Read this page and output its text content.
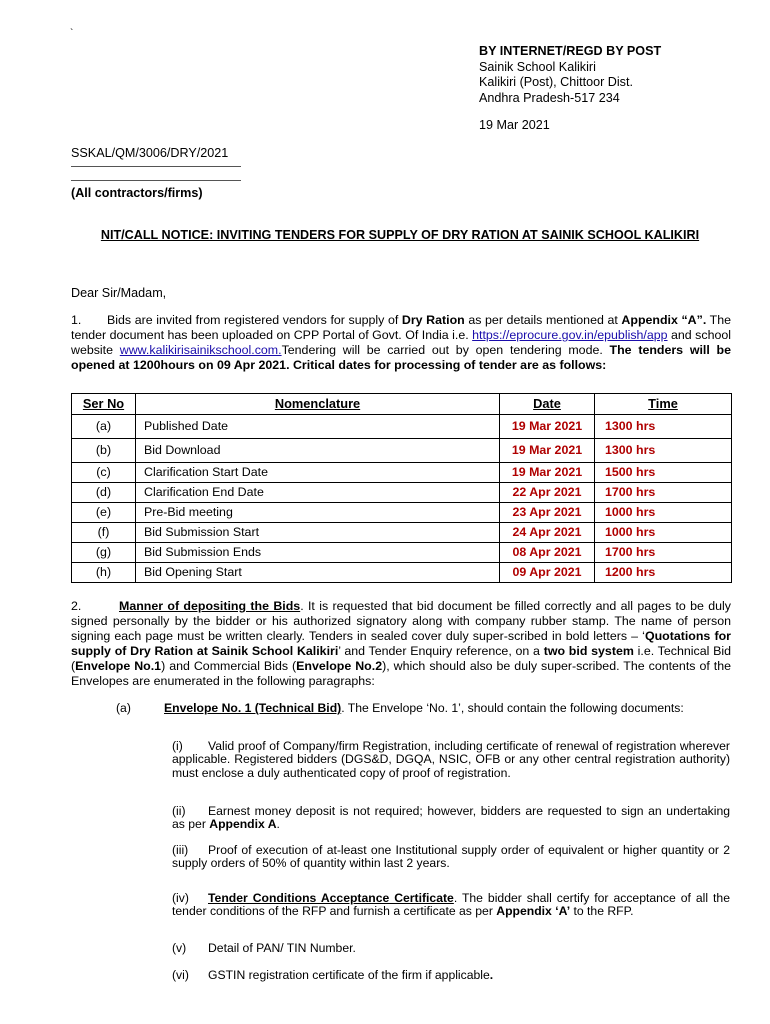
`
BY INTERNET/REGD BY POST
Sainik School Kalikiri
Kalikiri (Post), Chittoor Dist.
Andhra Pradesh-517 234
19 Mar 2021
SSKAL/QM/3006/DRY/2021
(All contractors/firms)
NIT/CALL NOTICE: INVITING TENDERS FOR SUPPLY OF DRY RATION AT SAINIK SCHOOL KALIKIRI
Dear Sir/Madam,
1. Bids are invited from registered vendors for supply of Dry Ration as per details mentioned at Appendix “A”. The tender document has been uploaded on CPP Portal of Govt. Of India i.e. https://eprocure.gov.in/epublish/app and school website www.kalikirisainikschool.com.Tendering will be carried out by open tendering mode. The tenders will be opened at 1200hours on 09 Apr 2021. Critical dates for processing of tender are as follows:
Ser No	Nomenclature	Date	Time
(a)	Published Date	19 Mar 2021	1300 hrs
(b)	Bid Download	19 Mar 2021	1300 hrs
(c)	Clarification Start Date	19 Mar 2021	1500 hrs
(d)	Clarification End Date	22 Apr 2021	1700 hrs
(e)	Pre-Bid meeting	23 Apr 2021	1000 hrs
(f)	Bid Submission Start	24 Apr 2021	1000 hrs
(g)	Bid Submission Ends	08 Apr 2021	1700 hrs
(h)	Bid Opening Start	09 Apr 2021	1200 hrs
2.	Manner of depositing the Bids. It is requested that bid document be filled correctly and all pages to be duly signed personally by the bidder or his authorized signatory along with company rubber stamp. The name of person signing each page must be written clearly. Tenders in sealed cover duly super-scribed in bold letters – ‘Quotations for supply of Dry Ration at Sainik School Kalikiri’ and Tender Enquiry reference, on a two bid system i.e. Technical Bid (Envelope No.1) and Commercial Bids (Envelope No.2), which should also be duly super-scribed. The contents of the Envelopes are enumerated in the following paragraphs:
(a)	Envelope No. 1 (Technical Bid). The Envelope ‘No. 1’, should contain the following documents:
(i) Valid proof of Company/firm Registration, including certificate of renewal of registration wherever applicable. Registered bidders (DGS&D, DGQA, NSIC, OFB or any other central registration authority) must enclose a duly authenticated copy of proof of registration.
(ii) Earnest money deposit is not required; however, bidders are requested to sign an undertaking as per Appendix A.
(iii) Proof of execution of at-least one Institutional supply order of equivalent or higher quantity or 2 supply orders of 50% of quantity within last 2 years.
(iv) Tender Conditions Acceptance Certificate. The bidder shall certify for acceptance of all the tender conditions of the RFP and furnish a certificate as per Appendix ‘A’ to the RFP.
(v) Detail of PAN/ TIN Number.
(vi) GSTIN registration certificate of the firm if applicable.
